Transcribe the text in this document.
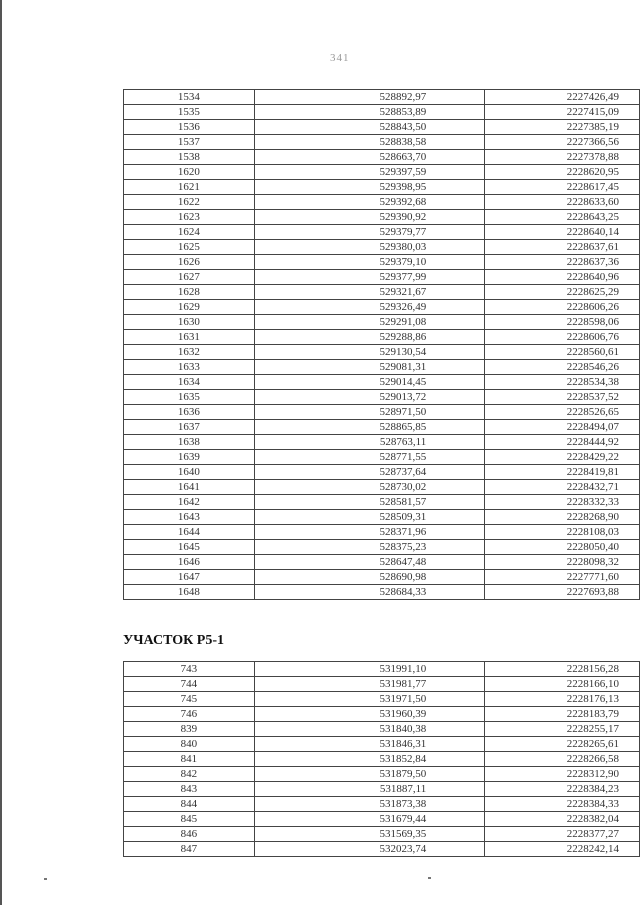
341
1534	528892,97	2227426,49
1535	528853,89	2227415,09
1536	528843,50	2227385,19
1537	528838,58	2227366,56
1538	528663,70	2227378,88
1620	529397,59	2228620,95
1621	529398,95	2228617,45
1622	529392,68	2228633,60
1623	529390,92	2228643,25
1624	529379,77	2228640,14
1625	529380,03	2228637,61
1626	529379,10	2228637,36
1627	529377,99	2228640,96
1628	529321,67	2228625,29
1629	529326,49	2228606,26
1630	529291,08	2228598,06
1631	529288,86	2228606,76
1632	529130,54	2228560,61
1633	529081,31	2228546,26
1634	529014,45	2228534,38
1635	529013,72	2228537,52
1636	528971,50	2228526,65
1637	528865,85	2228494,07
1638	528763,11	2228444,92
1639	528771,55	2228429,22
1640	528737,64	2228419,81
1641	528730,02	2228432,71
1642	528581,57	2228332,33
1643	528509,31	2228268,90
1644	528371,96	2228108,03
1645	528375,23	2228050,40
1646	528647,48	2228098,32
1647	528690,98	2227771,60
1648	528684,33	2227693,88
УЧАСТОК Р5-1
743	531991,10	2228156,28
744	531981,77	2228166,10
745	531971,50	2228176,13
746	531960,39	2228183,79
839	531840,38	2228255,17
840	531846,31	2228265,61
841	531852,84	2228266,58
842	531879,50	2228312,90
843	531887,11	2228384,23
844	531873,38	2228384,33
845	531679,44	2228382,04
846	531569,35	2228377,27
847	532023,74	2228242,14
